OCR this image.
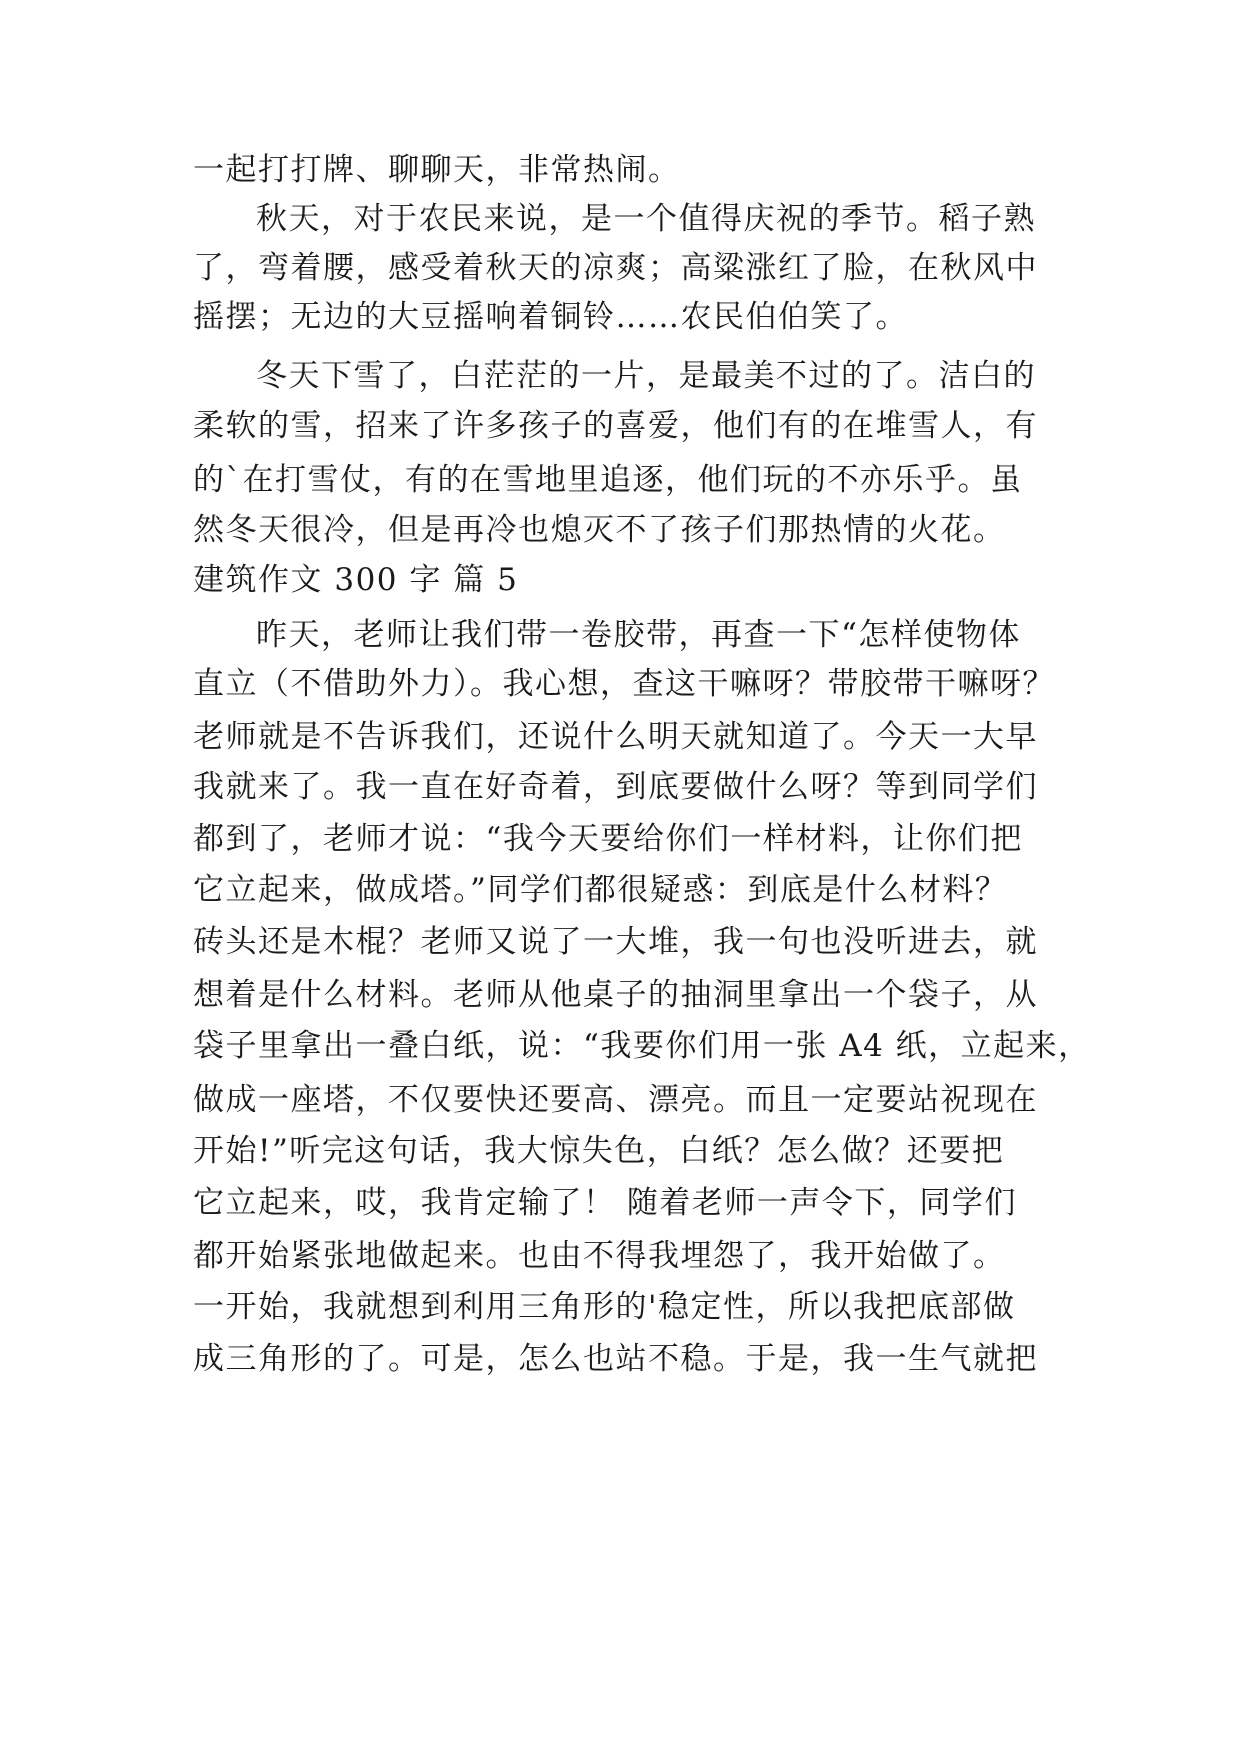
一起打打牌、聊聊天，非常热闹。
秋天，对于农民来说，是一个值得庆祝的季节。稻子熟
了，弯着腰，感受着秋天的凉爽；高粱涨红了脸，在秋风中
摇摆；无边的大豆摇响着铜铃……农民伯伯笑了。
冬天下雪了，白茫茫的一片，是最美不过的了。洁白的
柔软的雪，招来了许多孩子的喜爱，他们有的在堆雪人，有
的`在打雪仗，有的在雪地里追逐，他们玩的不亦乐乎。虽
然冬天很冷，但是再冷也熄灭不了孩子们那热情的火花。
建筑作文 300 字 篇 5
昨天，老师让我们带一卷胶带，再查一下“怎样使物体
直立（不借助外力）。我心想，查这干嘛呀？带胶带干嘛呀？
老师就是不告诉我们，还说什么明天就知道了。今天一大早
我就来了。我一直在好奇着，到底要做什么呀？等到同学们
都到了，老师才说：“我今天要给你们一样材料，让你们把
它立起来，做成塔。”同学们都很疑惑：到底是什么材料？
砖头还是木棍？老师又说了一大堆，我一句也没听进去，就
想着是什么材料。老师从他桌子的抽洞里拿出一个袋子，从
袋子里拿出一叠白纸，说：“我要你们用一张 A4 纸，立起来，
做成一座塔，不仅要快还要高、漂亮。而且一定要站祝现在
开始!”听完这句话，我大惊失色，白纸？怎么做？还要把
它立起来，哎，我肯定输了！ 随着老师一声令下，同学们
都开始紧张地做起来。也由不得我埋怨了，我开始做了。
一开始，我就想到利用三角形的'稳定性，所以我把底部做
成三角形的了。可是，怎么也站不稳。于是，我一生气就把
